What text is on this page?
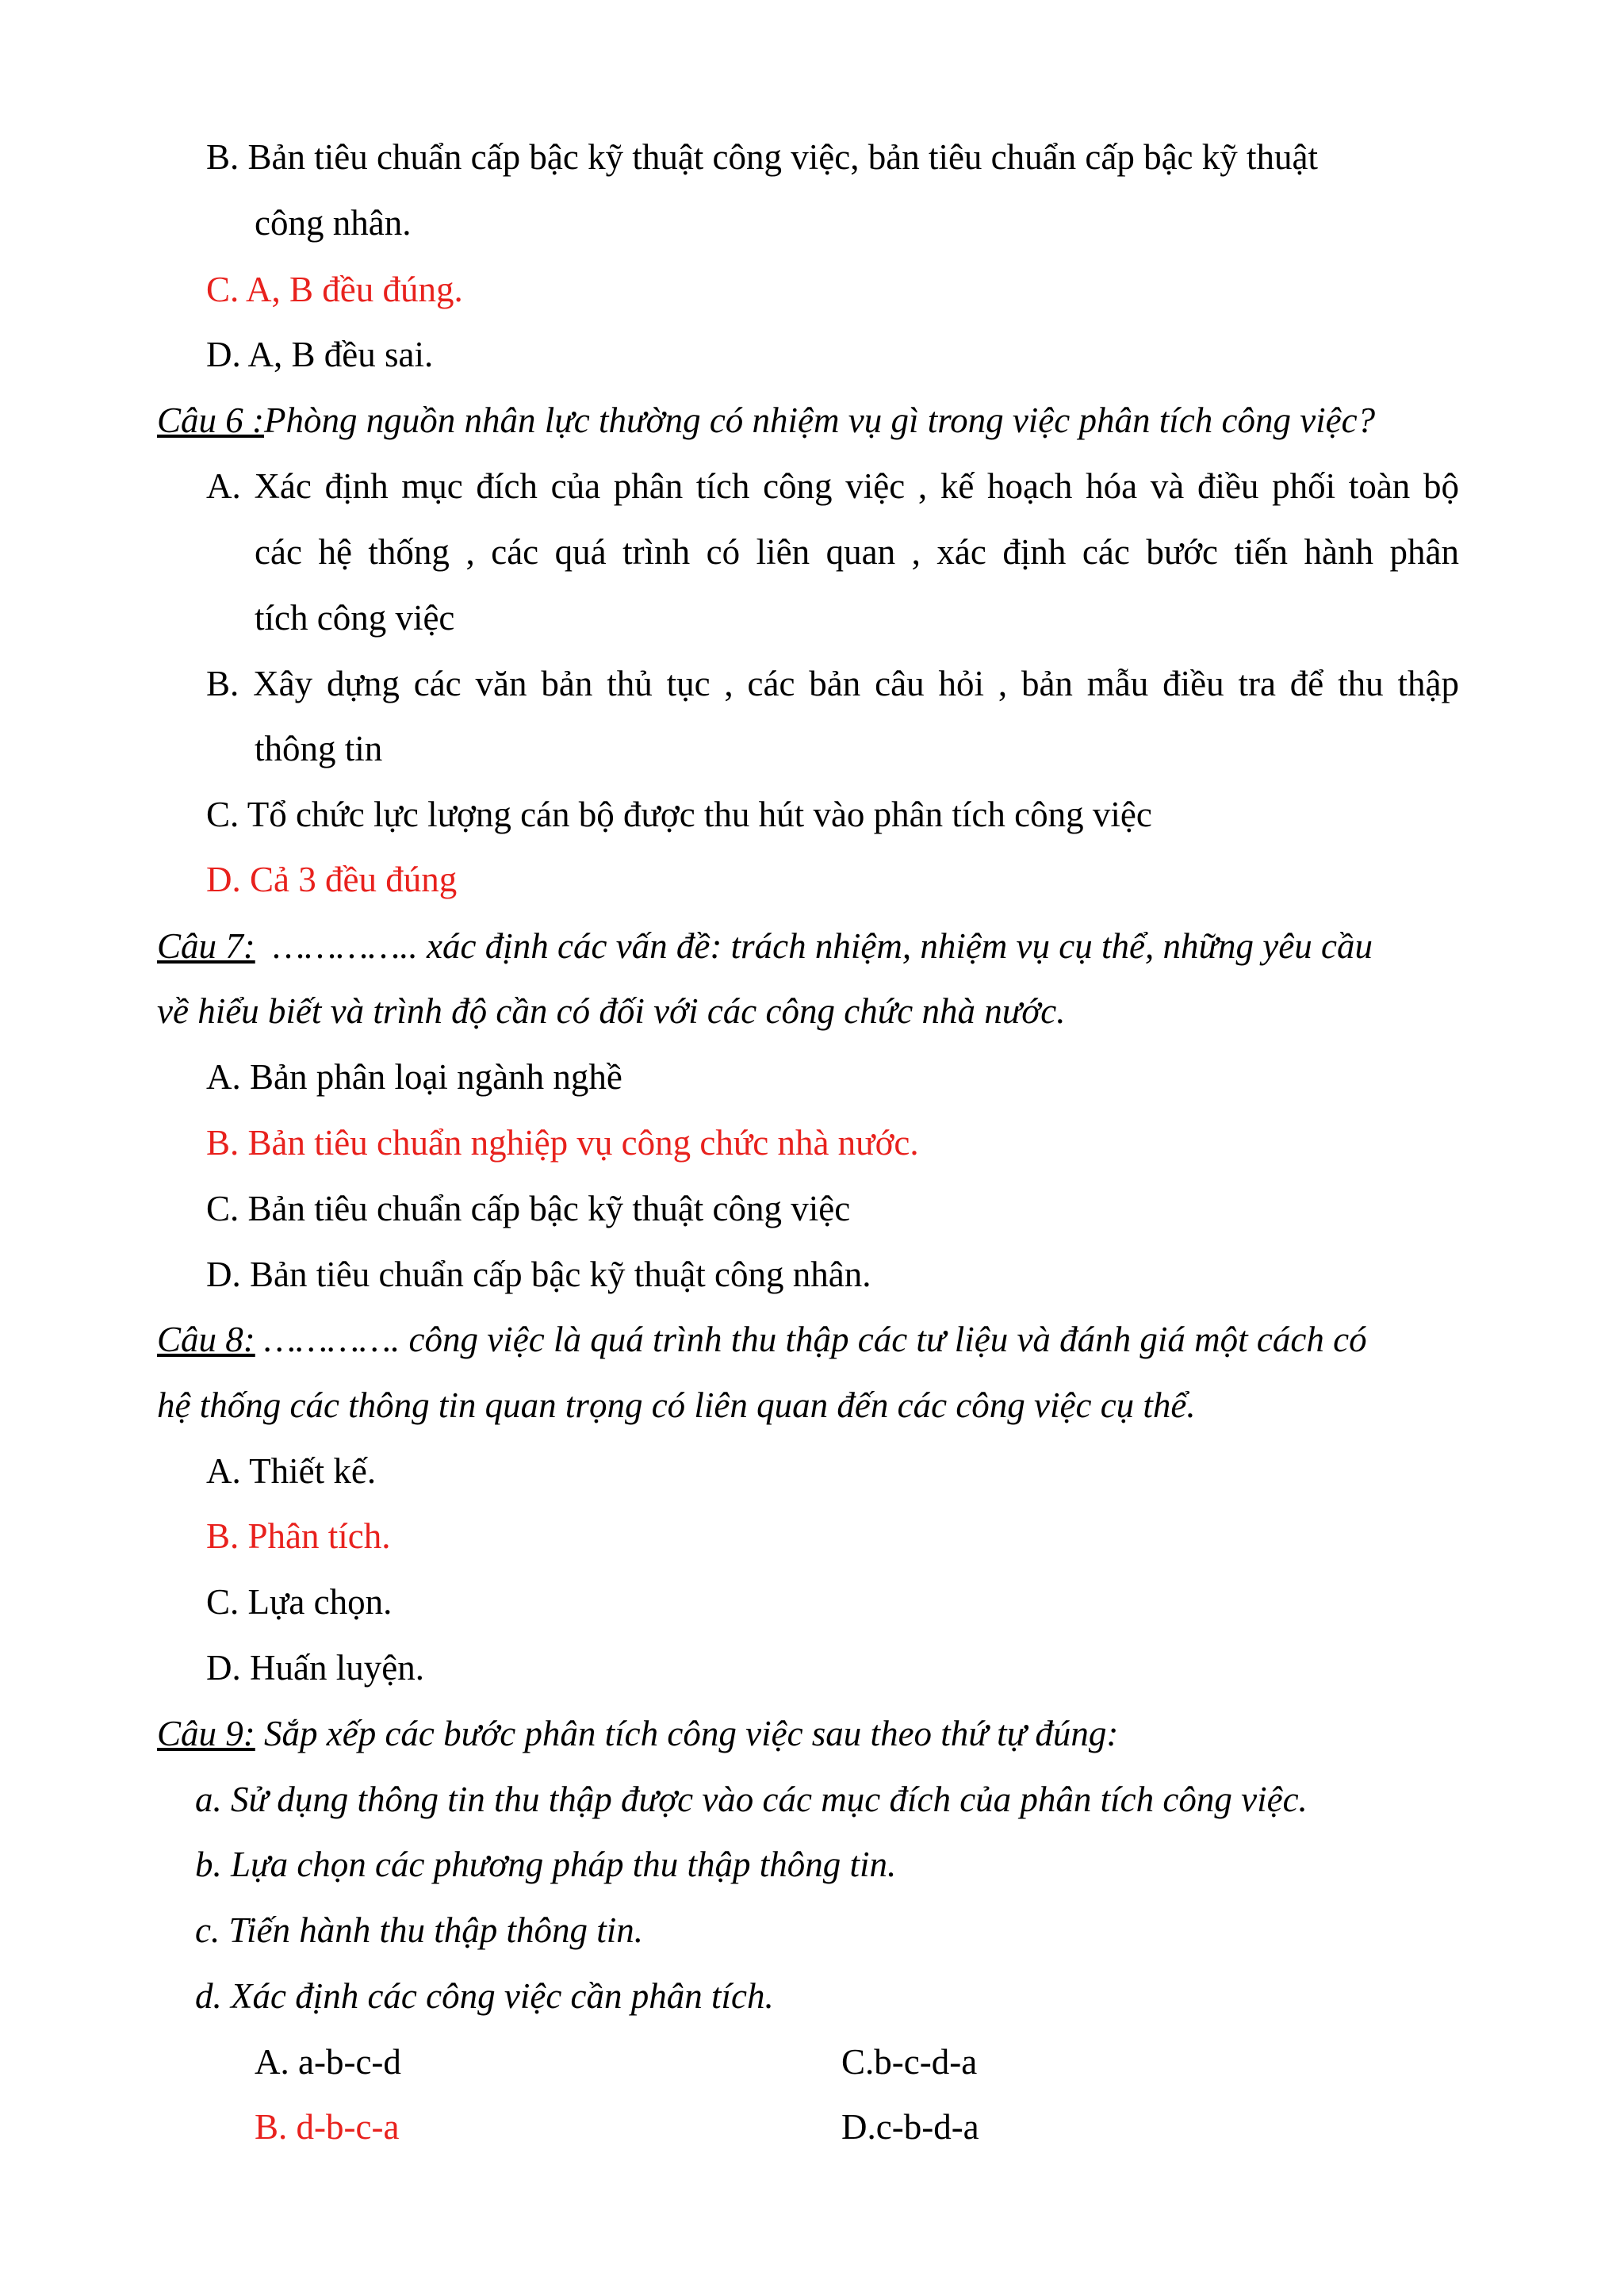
B. Bản tiêu chuẩn cấp bậc kỹ thuật công việc, bản tiêu chuẩn cấp bậc kỹ thuật
công nhân.
C. A, B đều đúng.
D. A, B đều sai.
Câu 6 :Phòng nguồn nhân lực thường có nhiệm vụ gì trong việc phân tích công việc?
A. Xác định mục đích của phân tích công việc , kế hoạch hóa và điều phối toàn bộ
các hệ thống , các quá trình có liên quan , xác định các bước tiến hành phân
tích công việc
B. Xây dựng các văn bản thủ tục , các bản câu hỏi , bản mẫu điều tra để thu thập
thông tin
C. Tổ chức lực lượng cán bộ được thu hút vào phân tích công việc
D. Cả 3 đều đúng
Câu 7: ………….. xác định các vấn đề: trách nhiệm, nhiệm vụ cụ thể, những yêu cầu
về hiểu biết và trình độ cần có đối với các công chức nhà nước.
A. Bản phân loại ngành nghề
B. Bản tiêu chuẩn nghiệp vụ công chức nhà nước.
C. Bản tiêu chuẩn cấp bậc kỹ thuật công việc
D. Bản tiêu chuẩn cấp bậc kỹ thuật công nhân.
Câu 8: …………. công việc là quá trình thu thập các tư liệu và đánh giá một cách có
hệ thống các thông tin quan trọng có liên quan đến các công việc cụ thể.
A. Thiết kế.
B. Phân tích.
C. Lựa chọn.
D. Huấn luyện.
Câu 9: Sắp xếp các bước phân tích công việc sau theo thứ tự đúng:
a. Sử dụng thông tin thu thập được vào các mục đích của phân tích công việc.
b. Lựa chọn các phương pháp thu thập thông tin.
c. Tiến hành thu thập thông tin.
d. Xác định các công việc cần phân tích.
A. a-b-c-d	C.b-c-d-a
B. d-b-c-a	D.c-b-d-a
